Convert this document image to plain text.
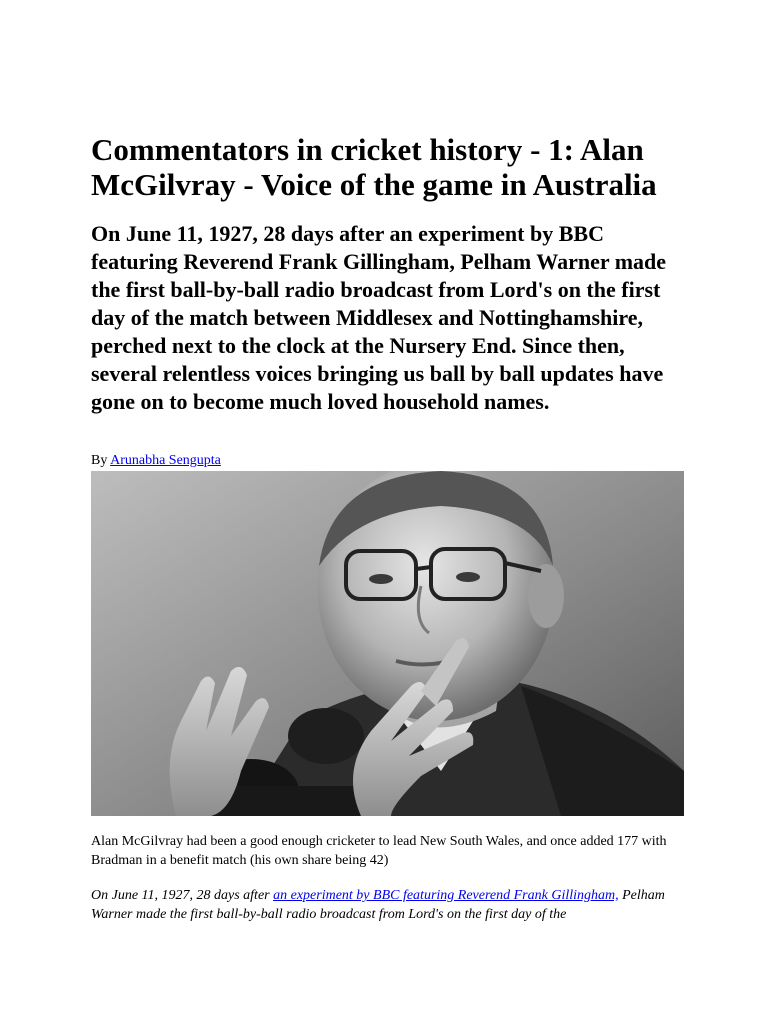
Commentators in cricket history - 1: Alan McGilvray - Voice of the game in Australia

On June 11, 1927, 28 days after an experiment by BBC featuring Reverend Frank Gillingham, Pelham Warner made the first ball-by-ball radio broadcast from Lord's on the first day of the match between Middlesex and Nottinghamshire, perched next to the clock at the Nursery End. Since then, several relentless voices bringing us ball by ball updates have gone on to become much loved household names.

By Arunabha Sengupta

Alan McGilvray had been a good enough cricketer to lead New South Wales, and once added 177 with Bradman in a benefit match (his own share being 42)

On June 11, 1927, 28 days after an experiment by BBC featuring Reverend Frank Gillingham, Pelham Warner made the first ball-by-ball radio broadcast from Lord's on the first day of the
